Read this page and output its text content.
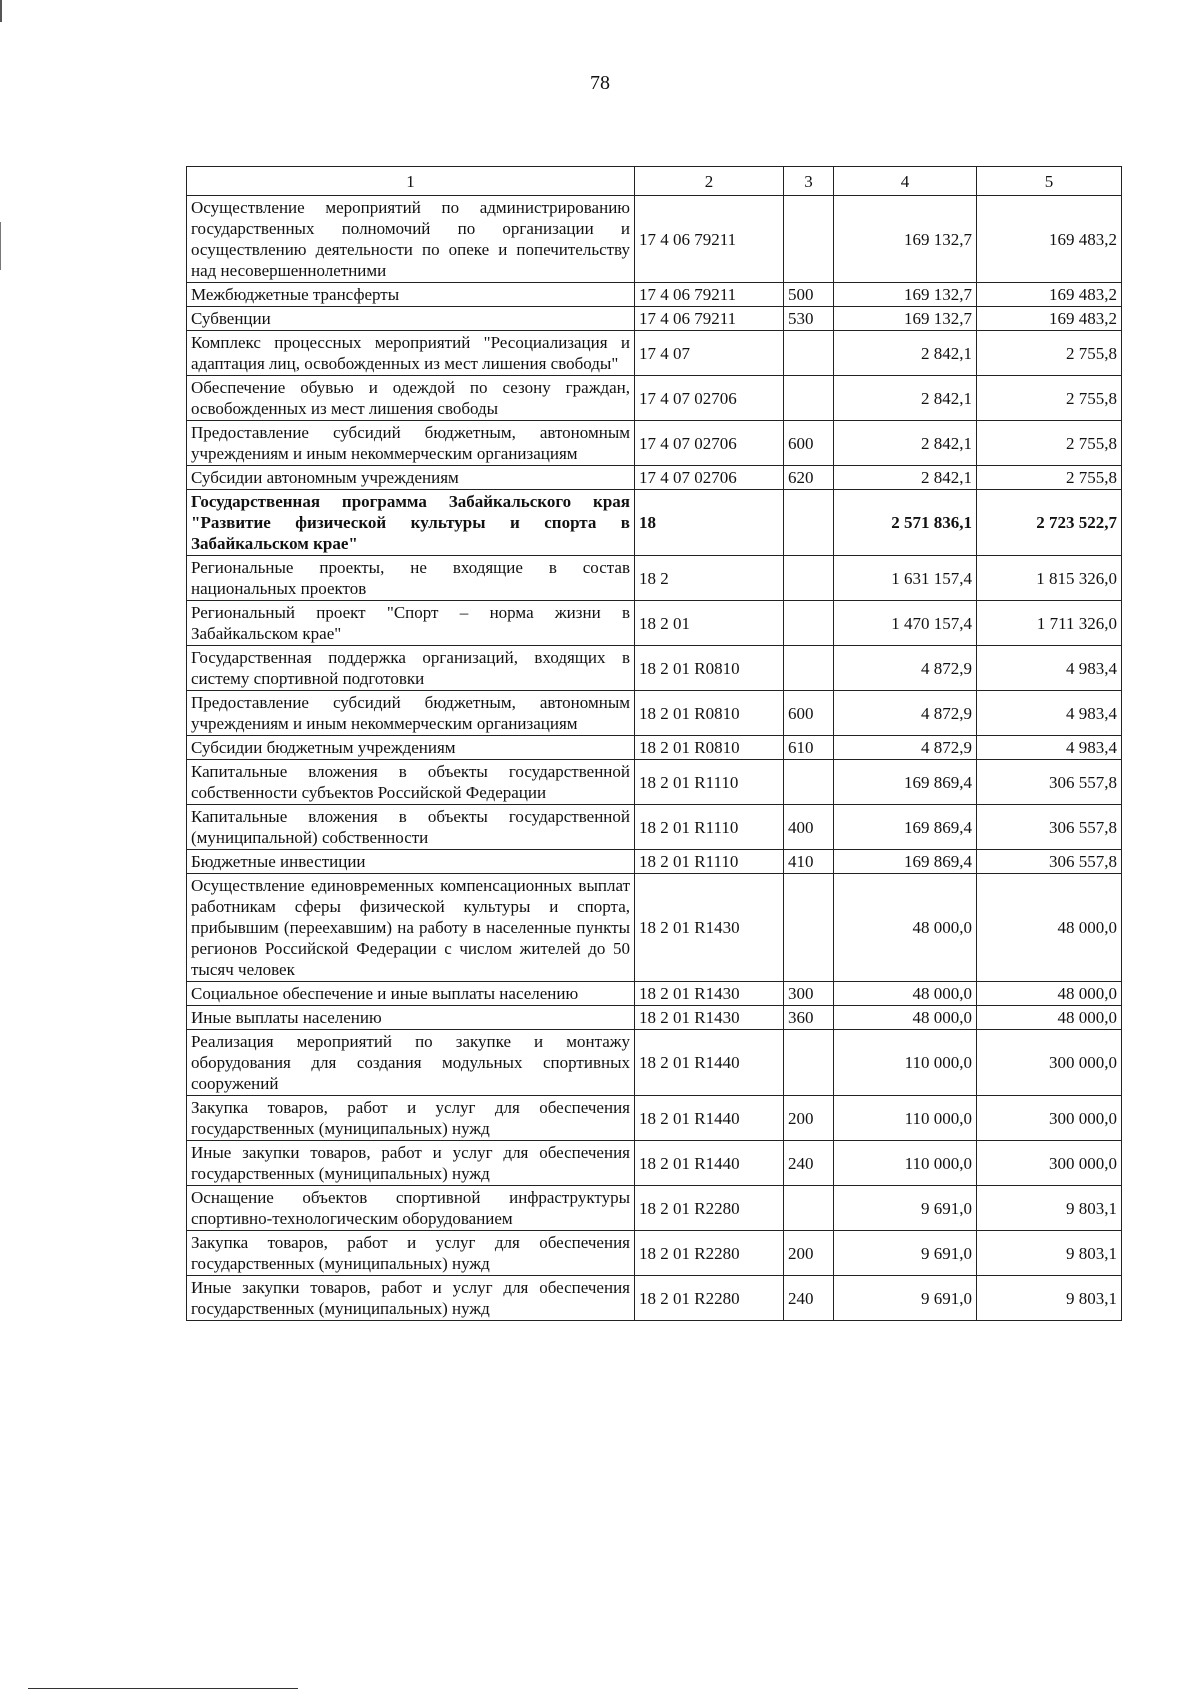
78
1	2	3	4	5
Осуществление мероприятий по администрированию государственных полномочий по организации и осуществлению деятельности по опеке и попечительству над несовершеннолетними	17 4 06 79211		169 132,7	169 483,2
Межбюджетные трансферты	17 4 06 79211	500	169 132,7	169 483,2
Субвенции	17 4 06 79211	530	169 132,7	169 483,2
Комплекс процессных мероприятий "Ресоциализация и адаптация лиц, освобожденных из мест лишения свободы"	17 4 07		2 842,1	2 755,8
Обеспечение обувью и одеждой по сезону граждан, освобожденных из мест лишения свободы	17 4 07 02706		2 842,1	2 755,8
Предоставление субсидий бюджетным, автономным учреждениям и иным некоммерческим организациям	17 4 07 02706	600	2 842,1	2 755,8
Субсидии автономным учреждениям	17 4 07 02706	620	2 842,1	2 755,8
Государственная программа Забайкальского края "Развитие физической культуры и спорта в Забайкальском крае"	18		2 571 836,1	2 723 522,7
Региональные проекты, не входящие в состав национальных проектов	18 2		1 631 157,4	1 815 326,0
Региональный проект "Спорт – норма жизни в Забайкальском крае"	18 2 01		1 470 157,4	1 711 326,0
Государственная поддержка организаций, входящих в систему спортивной подготовки	18 2 01 R0810		4 872,9	4 983,4
Предоставление субсидий бюджетным, автономным учреждениям и иным некоммерческим организациям	18 2 01 R0810	600	4 872,9	4 983,4
Субсидии бюджетным учреждениям	18 2 01 R0810	610	4 872,9	4 983,4
Капитальные вложения в объекты государственной собственности субъектов Российской Федерации	18 2 01 R1110		169 869,4	306 557,8
Капитальные вложения в объекты государственной (муниципальной) собственности	18 2 01 R1110	400	169 869,4	306 557,8
Бюджетные инвестиции	18 2 01 R1110	410	169 869,4	306 557,8
Осуществление единовременных компенсационных выплат работникам сферы физической культуры и спорта, прибывшим (переехавшим) на работу в населенные пункты регионов Российской Федерации с числом жителей до 50 тысяч человек	18 2 01 R1430		48 000,0	48 000,0
Социальное обеспечение и иные выплаты населению	18 2 01 R1430	300	48 000,0	48 000,0
Иные выплаты населению	18 2 01 R1430	360	48 000,0	48 000,0
Реализация мероприятий по закупке и монтажу оборудования для создания модульных спортивных сооружений	18 2 01 R1440		110 000,0	300 000,0
Закупка товаров, работ и услуг для обеспечения государственных (муниципальных) нужд	18 2 01 R1440	200	110 000,0	300 000,0
Иные закупки товаров, работ и услуг для обеспечения государственных (муниципальных) нужд	18 2 01 R1440	240	110 000,0	300 000,0
Оснащение объектов спортивной инфраструктуры спортивно-технологическим оборудованием	18 2 01 R2280		9 691,0	9 803,1
Закупка товаров, работ и услуг для обеспечения государственных (муниципальных) нужд	18 2 01 R2280	200	9 691,0	9 803,1
Иные закупки товаров, работ и услуг для обеспечения государственных (муниципальных) нужд	18 2 01 R2280	240	9 691,0	9 803,1
